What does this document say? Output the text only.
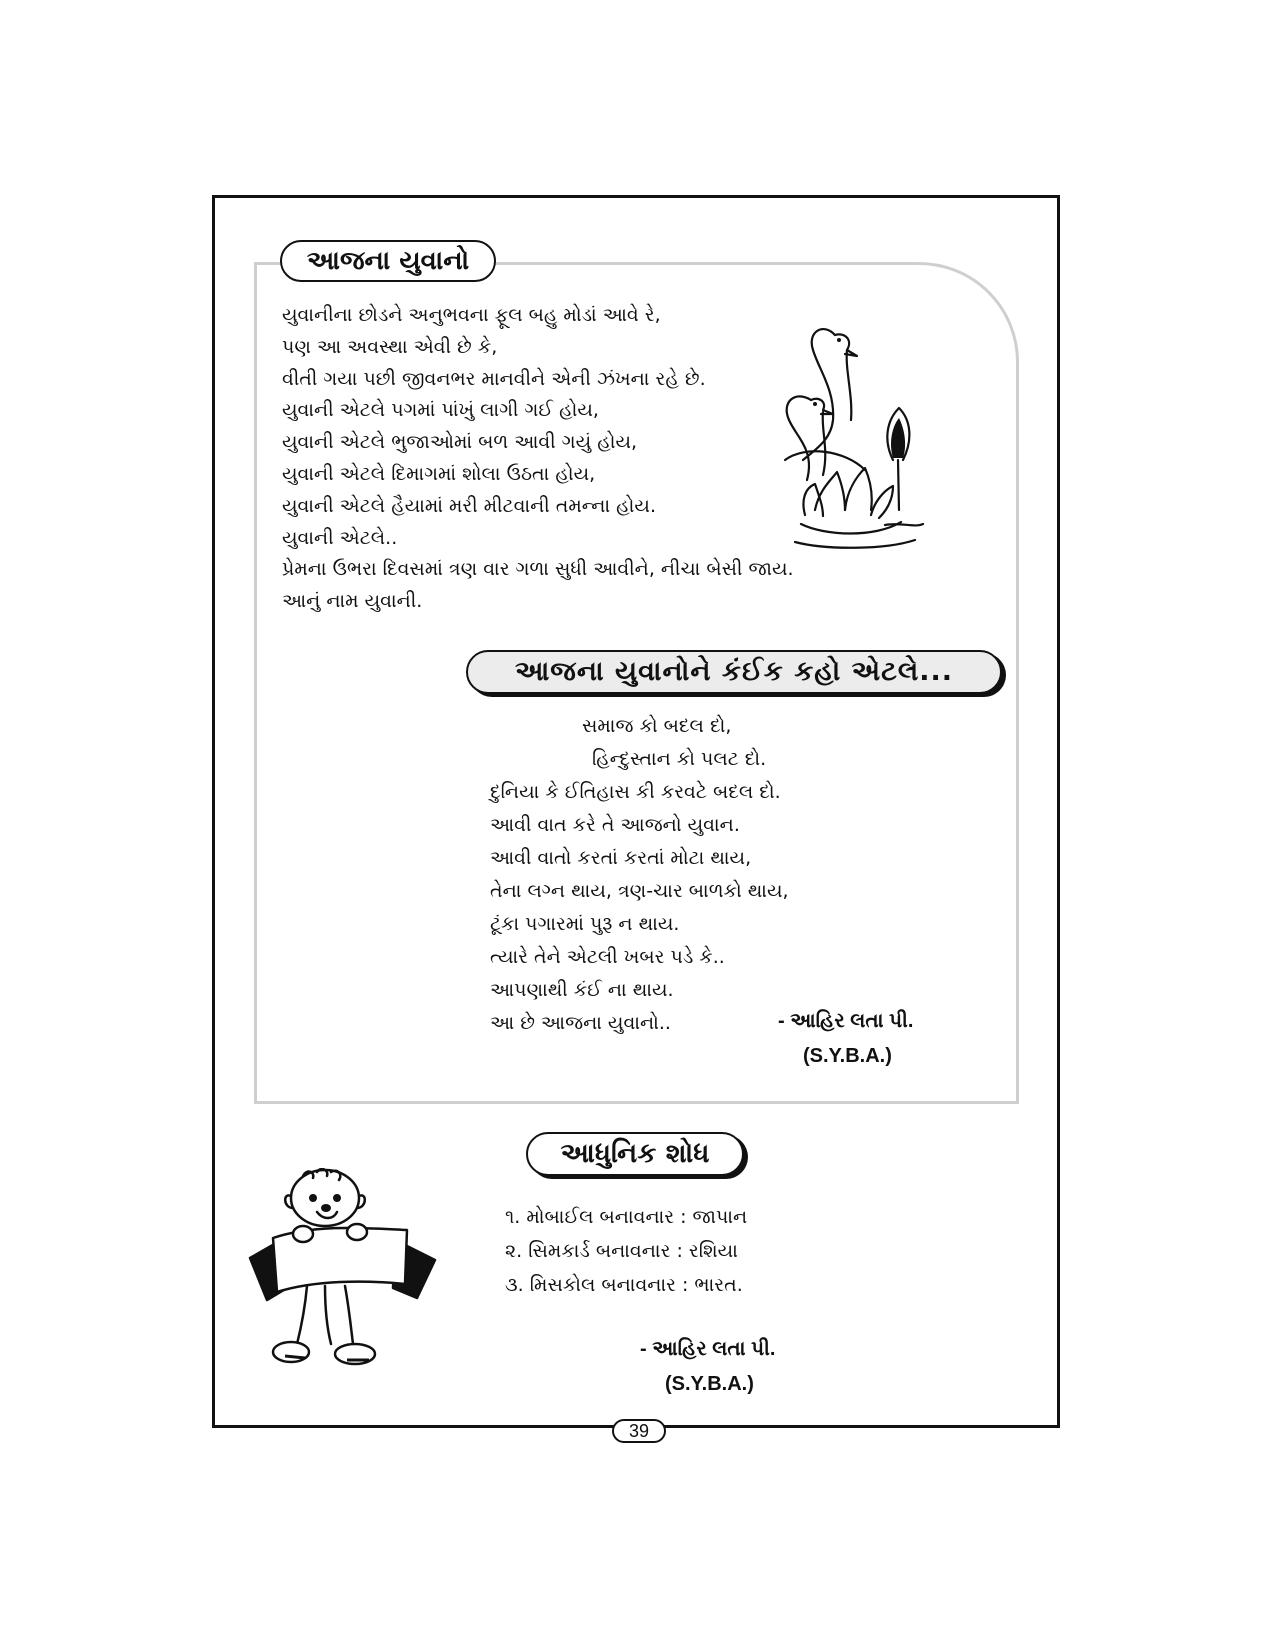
આજના યુવાનો
યુવાનીના છોડને અનુભવના ફૂલ બહુ મોડાં આવે રે,
પણ આ અવસ્થા એવી છે કે,
વીતી ગયા પછી જીવનભર માનવીને એની ઝંખના રહે છે.
યુવાની એટલે પગમાં પાંખું લાગી ગઈ હોય,
યુવાની એટલે ભુજાઓમાં બળ આવી ગયું હોય,
યુવાની એટલે દિમાગમાં શોલા ઉઠતા હોય,
યુવાની એટલે હૈયામાં મરી મીટવાની તમન્ના હોય.
યુવાની એટલે..
પ્રેમના ઉભરા દિવસમાં ત્રણ વાર ગળા સુધી આવીને, નીચા બેસી જાય.
આનું નામ યુવાની.
આજના યુવાનોને કંઈક કહો એટલે...
સમાજ કો બદલ દો,
હિન્દુસ્તાન કો પલટ દો.
દુનિયા કે ઈતિહાસ કી કરવટે બદલ દો.
આવી વાત કરે તે આજનો યુવાન.
આવી વાતો કરતાં કરતાં મોટા થાય,
તેના લગ્ન થાય, ત્રણ-ચાર બાળકો થાય,
ટૂંકા પગારમાં પુરૂ ન થાય.
ત્યારે તેને એટલી ખબર પડે કે..
આપણાથી કંઈ ના થાય.
આ છે આજના યુવાનો..	- આહિર લતા પી.
(S.Y.B.A.)
આધુનિક શોધ
૧. મોબાઈલ બનાવનાર : જાપાન
૨. સિમકાર્ડ બનાવનાર : રશિયા
૩. મિસકોલ બનાવનાર : ભારત.
- આહિર લતા પી.
(S.Y.B.A.)
39
